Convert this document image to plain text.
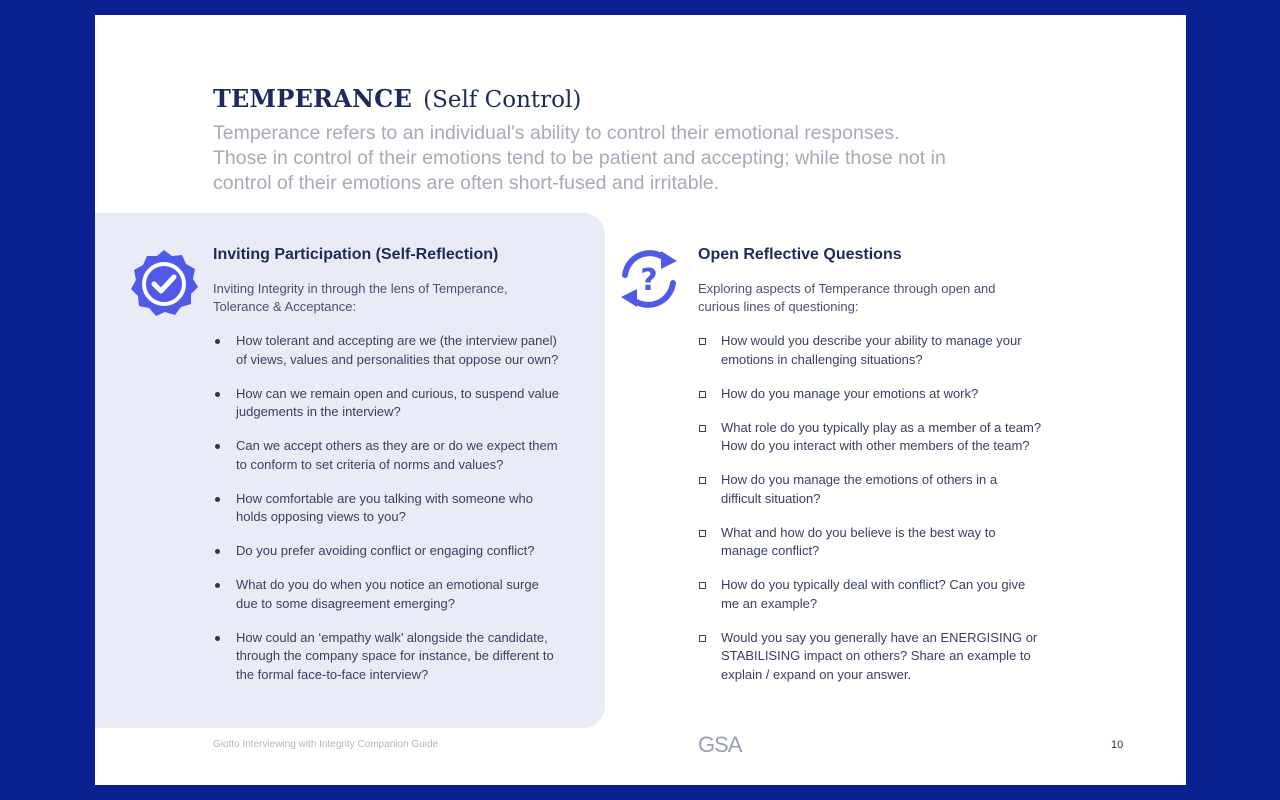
TEMPERANCE (Self Control)

Temperance refers to an individual's ability to control their emotional responses.

Those in control of their emotions tend to be patient and accepting; while those not in

control of their emotions are often short-fused and irritable.

?
Inviting Participation (Self-Reflection)

Inviting Integrity in through the lens of Temperance,
Tolerance & Acceptance:

How tolerant and accepting are we (the interview panel)
of views, values and personalities that oppose our own?
How can we remain open and curious, to suspend value
judgements in the interview?
Can we accept others as they are or do we expect them
to conform to set criteria of norms and values?
How comfortable are you talking with someone who
holds opposing views to you?
Do you prefer avoiding conflict or engaging conflict?
What do you do when you notice an emotional surge
due to some disagreement emerging?
How could an ‘empathy walk’ alongside the candidate,
through the company space for instance, be different to
the formal face-to-face interview?
Open Reflective Questions

Exploring aspects of Temperance through open and
curious lines of questioning:

How would you describe your ability to manage your
emotions in challenging situations?
How do you manage your emotions at work?
What role do you typically play as a member of a team?
How do you interact with other members of the team?
How do you manage the emotions of others in a
difficult situation?
What and how do you believe is the best way to
manage conflict?
How do you typically deal with conflict? Can you give
me an example?
Would you say you generally have an ENERGISING or
STABILISING impact on others? Share an example to
explain / expand on your answer.
Giotto Interviewing with Integrity Companion Guide	GSA	10
